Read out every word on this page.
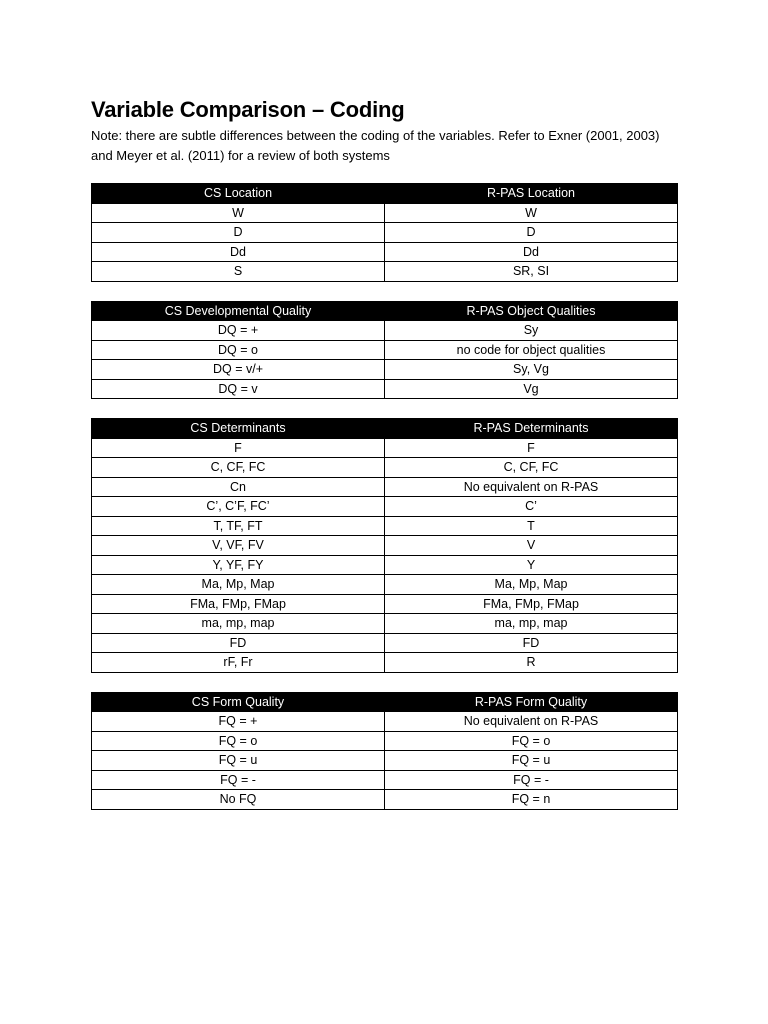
Variable Comparison – Coding

Note: there are subtle differences between the coding of the variables. Refer to Exner (2001, 2003) and Meyer et al. (2011) for a review of both systems

CS Location	R-PAS Location
W	W
D	D
Dd	Dd
S	SR, SI
CS Developmental Quality	R-PAS Object Qualities
DQ = +	Sy
DQ = o	no code for object qualities
DQ = v/+	Sy, Vg
DQ = v	Vg
CS Determinants	R-PAS Determinants
F	F
C, CF, FC	C, CF, FC
Cn	No equivalent on R-PAS
C’, C’F, FC’	C’
T, TF, FT	T
V, VF, FV	V
Y, YF, FY	Y
Ma, Mp, Map	Ma, Mp, Map
FMa, FMp, FMap	FMa, FMp, FMap
ma, mp, map	ma, mp, map
FD	FD
rF, Fr	R
CS Form Quality	R-PAS Form Quality
FQ = +	No equivalent on R-PAS
FQ = o	FQ = o
FQ = u	FQ = u
FQ = -	FQ = -
No FQ	FQ = n
